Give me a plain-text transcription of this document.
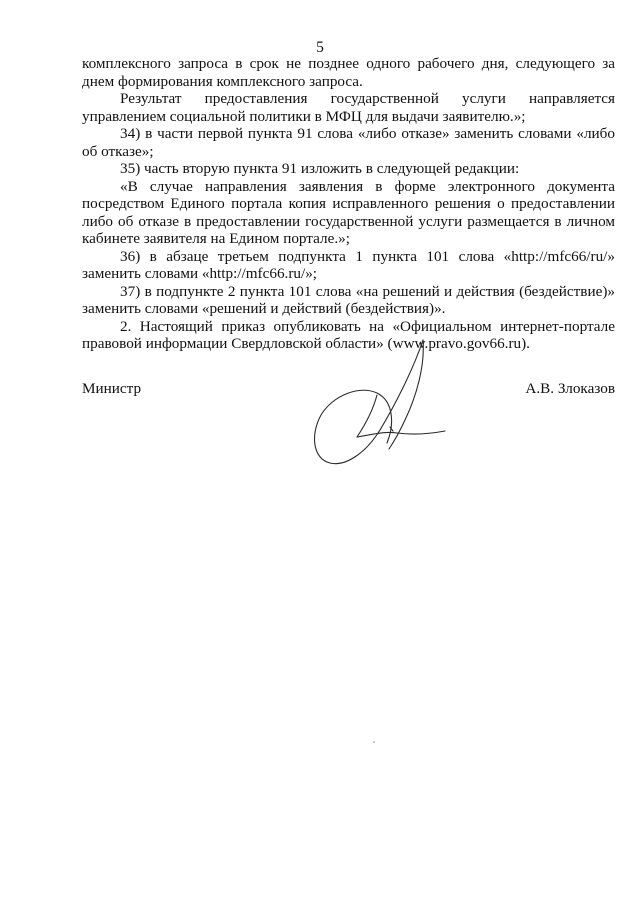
5

комплексного запроса в срок не позднее одного рабочего дня, следующего за днем формирования комплексного запроса.

Результат предоставления государственной услуги направляется управлением социальной политики в МФЦ для выдачи заявителю.»;

34) в части первой пункта 91 слова «либо отказе» заменить словами «либо об отказе»;

35) часть вторую пункта 91 изложить в следующей редакции:

«В случае направления заявления в форме электронного документа посредством Единого портала копия исправленного решения о предоставлении либо об отказе в предоставлении государственной услуги размещается в личном кабинете заявителя на Едином портале.»;

36) в абзаце третьем подпункта 1 пункта 101 слова «http://mfc66/ru/» заменить словами «http://mfc66.ru/»;

37) в подпункте 2 пункта 101 слова «на решений и действия (бездействие)» заменить словами «решений и действий (бездействия)».

2. Настоящий приказ опубликовать на «Официальном интернет-портале правовой информации Свердловской области» (www.pravo.gov66.ru).

Министр	А.В. Злоказов
